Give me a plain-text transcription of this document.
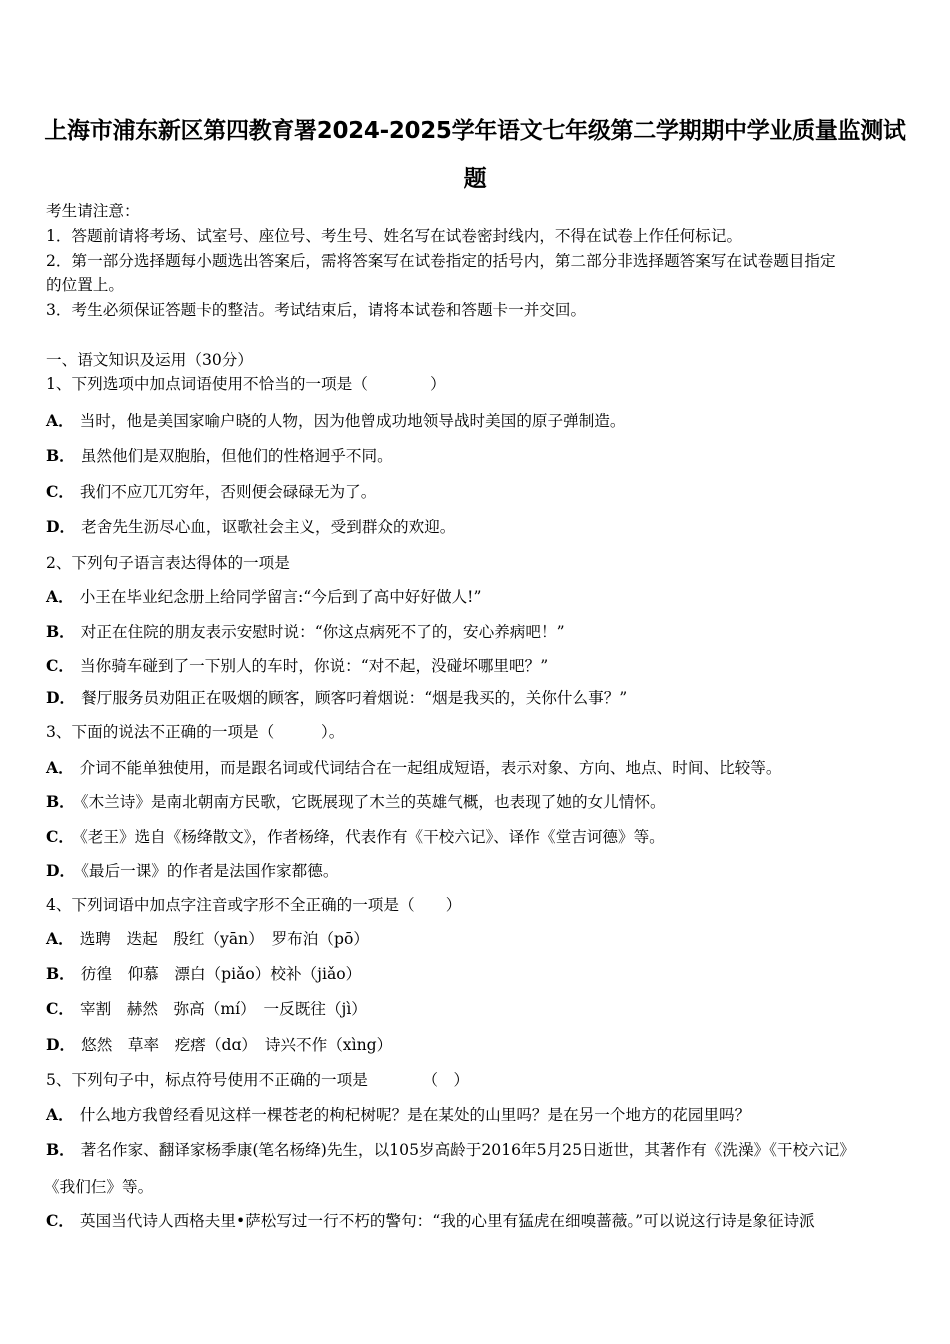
上海市浦东新区第四教育署2024-2025学年语文七年级第二学期期中学业质量监测试
题
考生请注意：
1．答题前请将考场、试室号、座位号、考生号、姓名写在试卷密封线内，不得在试卷上作任何标记。
2．第一部分选择题每小题选出答案后，需将答案写在试卷指定的括号内，第二部分非选择题答案写在试卷题目指定
的位置上。
3．考生必须保证答题卡的整洁。考试结束后，请将本试卷和答题卡一并交回。
一、语文知识及运用（30分）
1、下列选项中加点词语使用不恰当的一项是（　　　　）
A． 当时，他是美国家喻户晓的人物，因为他曾成功地领导战时美国的原子弹制造。
B． 虽然他们是双胞胎，但他们的性格迥乎不同。
C． 我们不应兀兀穷年，否则便会碌碌无为了。
D． 老舍先生沥尽心血，讴歌社会主义，受到群众的欢迎。
2、下列句子语言表达得体的一项是
A． 小王在毕业纪念册上给同学留言:“今后到了高中好好做人!”
B． 对正在住院的朋友表示安慰时说：“你这点病死不了的，安心养病吧！”
C． 当你骑车碰到了一下别人的车时，你说：“对不起，没碰坏哪里吧？”
D． 餐厅服务员劝阻正在吸烟的顾客，顾客叼着烟说：“烟是我买的，关你什么事？”
3、下面的说法不正确的一项是（　　　）。
A． 介词不能单独使用，而是跟名词或代词结合在一起组成短语，表示对象、方向、地点、时间、比较等。
B． 《木兰诗》是南北朝南方民歌，它既展现了木兰的英雄气概，也表现了她的女儿情怀。
C． 《老王》选自《杨绛散文》，作者杨绛，代表作有《干校六记》、译作《堂吉诃德》等。
D． 《最后一课》的作者是法国作家都德。
4、下列词语中加点字注音或字形不全正确的一项是（　　）
A． 选聘　迭起　殷红（yān）　罗布泊（pō）
B． 彷徨　仰慕　漂白（piǎo）校补（jiǎo）
C． 宰割　赫然　弥高（mí）　一反既往（jì）
D． 悠然　草率　疙瘩（dɑ）　诗兴不作（xìng）
5、下列句子中，标点符号使用不正确的一项是　　　　（　）
A． 什么地方我曾经看见这样一棵苍老的枸杞树呢？是在某处的山里吗？是在另一个地方的花园里吗？
B． 著名作家、翻译家杨季康(笔名杨绛)先生，以105岁高龄于2016年5月25日逝世，其著作有《洗澡》《干校六记》
《我们仨》等。
C． 英国当代诗人西格夫里•萨松写过一行不朽的警句：“我的心里有猛虎在细嗅蔷薇。”可以说这行诗是象征诗派
